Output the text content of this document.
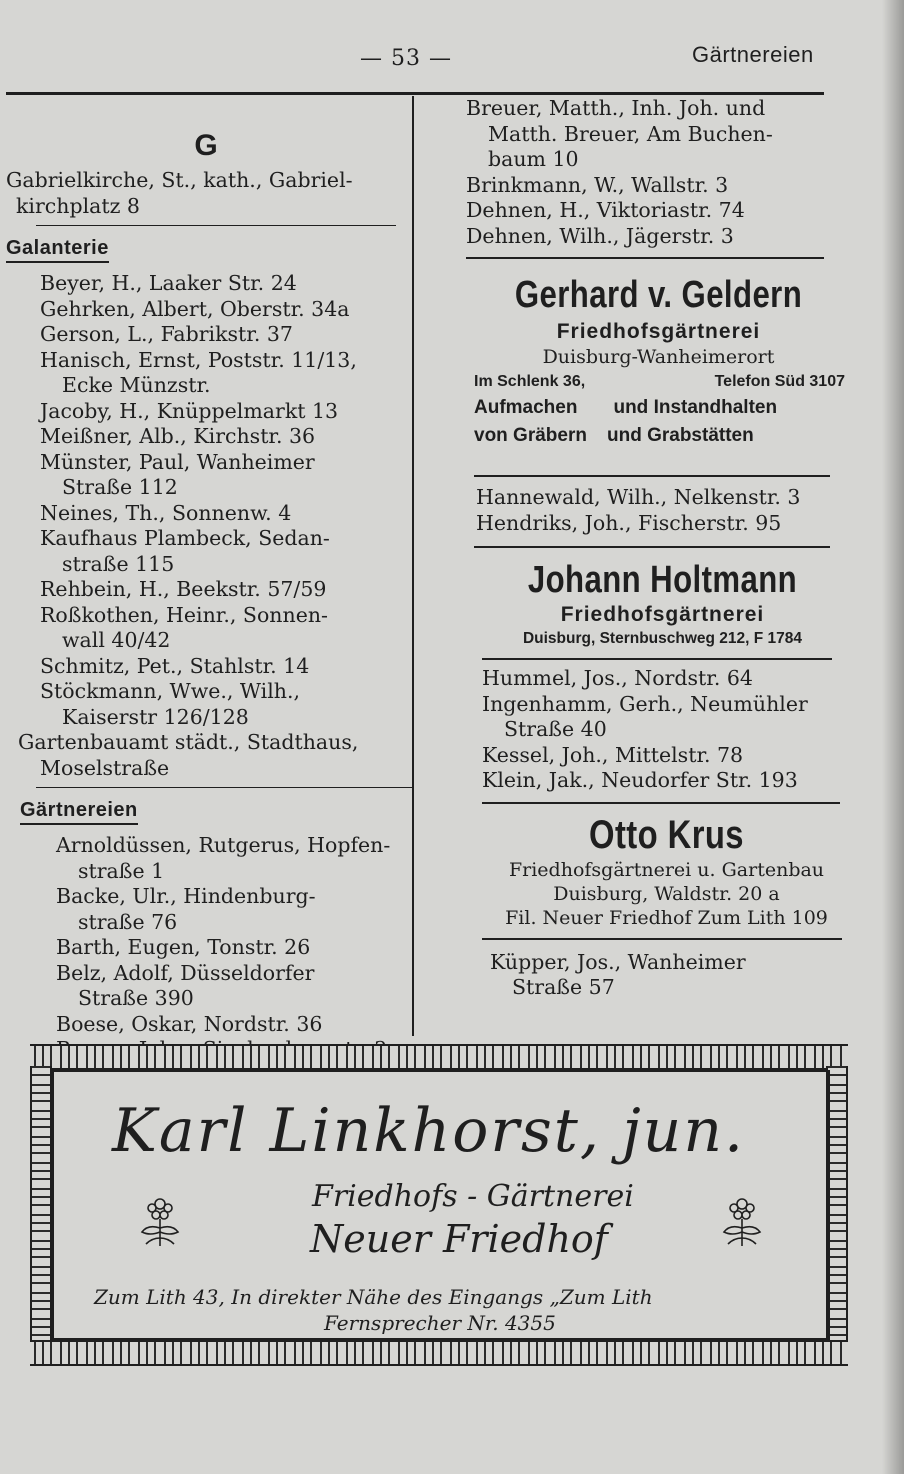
— 53 —	Gärtnereien
G
Gabrielkirche, St., kath., Gabriel-
kirchplatz 8
Galanterie
Beyer, H., Laaker Str. 24
Gehrken, Albert, Oberstr. 34a
Gerson, L., Fabrikstr. 37
Hanisch, Ernst, Poststr. 11/13,
Ecke Münzstr.
Jacoby, H., Knüppelmarkt 13
Meißner, Alb., Kirchstr. 36
Münster, Paul, Wanheimer
Straße 112
Neines, Th., Sonnenw. 4
Kaufhaus Plambeck, Sedan-
straße 115
Rehbein, H., Beekstr. 57/59
Roßkothen, Heinr., Sonnen-
wall 40/42
Schmitz, Pet., Stahlstr. 14
Stöckmann, Wwe., Wilh.,
Kaiserstr 126/128
Gartenbauamt städt., Stadthaus,
Moselstraße
Gärtnereien
Arnoldüssen, Rutgerus, Hopfen-
straße 1
Backe, Ulr., Hindenburg-
straße 76
Barth, Eugen, Tonstr. 26
Belz, Adolf, Düsseldorfer
Straße 390
Boese, Oskar, Nordstr. 36
Breuer, Matth., Inh. Joh. und
Matth. Breuer, Am Buchen-
baum 10
Brinkmann, W., Wallstr. 3
Dehnen, H., Viktoriastr. 74
Dehnen, Wilh., Jägerstr. 3
Gerhard v. Geldern
Friedhofsgärtnerei
Duisburg-Wanheimerort
Im Schlenk 36,	Telefon Süd 3107
Aufmachen und Instandhalten
von Gräbern und Grabstätten
Hannewald, Wilh., Nelkenstr. 3
Hendriks, Joh., Fischerstr. 95
Johann Holtmann
Friedhofsgärtnerei
Duisburg, Sternbuschweg 212, F 1784
Hummel, Jos., Nordstr. 64
Ingenhamm, Gerh., Neumühler
Straße 40
Kessel, Joh., Mittelstr. 78
Klein, Jak., Neudorfer Str. 193
Otto Krus
Friedhofsgärtnerei u. Gartenbau
Duisburg, Waldstr. 20 a
Fil. Neuer Friedhof Zum Lith 109
Küpper, Jos., Wanheimer
Straße 57
Karl Linkhorst, jun.
Friedhofs - Gärtnerei
Neuer Friedhof
Zum Lith 43, In direkter Nähe des Eingangs „Zum Lith
Fernsprecher Nr. 4355
